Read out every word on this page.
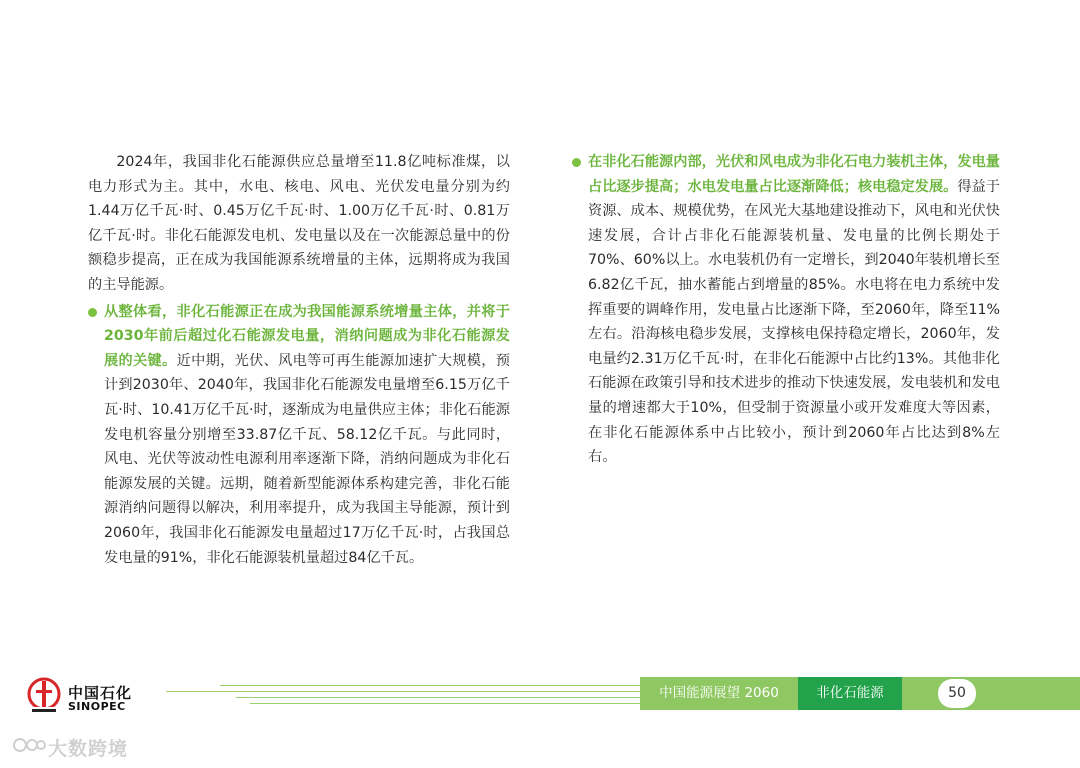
2024年，我国非化石能源供应总量增至11.8亿吨标准煤，以电力形式为主。其中，水电、核电、风电、光伏发电量分别为约1.44万亿千瓦·时、0.45万亿千瓦·时、1.00万亿千瓦·时、0.81万亿千瓦·时。非化石能源发电机、发电量以及在一次能源总量中的份额稳步提高，正在成为我国能源系统增量的主体，远期将成为我国的主导能源。

从整体看，非化石能源正在成为我国能源系统增量主体，并将于2030年前后超过化石能源发电量，消纳问题成为非化石能源发展的关键。近中期，光伏、风电等可再生能源加速扩大规模，预计到2030年、2040年，我国非化石能源发电量增至6.15万亿千瓦·时、10.41万亿千瓦·时，逐渐成为电量供应主体；非化石能源发电机容量分别增至33.87亿千瓦、58.12亿千瓦。与此同时，风电、光伏等波动性电源利用率逐渐下降，消纳问题成为非化石能源发展的关键。远期，随着新型能源体系构建完善，非化石能源消纳问题得以解决，利用率提升，成为我国主导能源，预计到2060年，我国非化石能源发电量超过17万亿千瓦·时，占我国总发电量的91%，非化石能源装机量超过84亿千瓦。

在非化石能源内部，光伏和风电成为非化石电力装机主体，发电量占比逐步提高；水电发电量占比逐渐降低；核电稳定发展。得益于资源、成本、规模优势，在风光大基地建设推动下，风电和光伏快速发展，合计占非化石能源装机量、发电量的比例长期处于70%、60%以上。水电装机仍有一定增长，到2040年装机增长至6.82亿千瓦，抽水蓄能占到增量的85%。水电将在电力系统中发挥重要的调峰作用，发电量占比逐渐下降，至2060年，降至11%左右。沿海核电稳步发展，支撑核电保持稳定增长，2060年，发电量约2.31万亿千瓦·时，在非化石能源中占比约13%。其他非化石能源在政策引导和技术进步的推动下快速发展，发电装机和发电量的增速都大于10%，但受制于资源量小或开发难度大等因素，在非化石能源体系中占比较小，预计到2060年占比达到8%左右。

中国石化
SINOPEC
中国能源展望 2060	非化石能源	50
大数跨境
